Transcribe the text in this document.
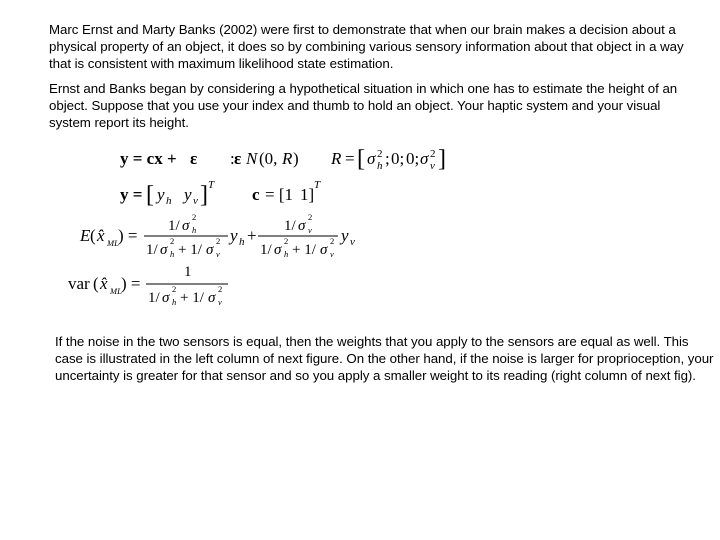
Marc Ernst and Marty Banks (2002) were first to demonstrate that when our brain makes a decision about a physical property of an object, it does so by combining various sensory information about that object in a way that is consistent with maximum likelihood state estimation.

Ernst and Banks began by considering a hypothetical situation in which one has to estimate the height of an object. Suppose that you use your index and thumb to hold an object. Your haptic system and your visual system report its height.

y = cx + ε : ε N (0, R ) R = [ σ 2
h ; 0; 0; σ 2
v ]
y = [ y h y v ] T c = [1 1] T
E ( x̂ ML ) = 1/ σ
2
h
1/ σ
2
h + 1/ σ
2
v
y h + 1/ σ
2
v
1/ σ
2
h + 1/ σ
2
v
y v
var ( x̂ ML ) =
1
1/ σ
2
h + 1/ σ
2
v

If the noise in the two sensors is equal, then the weights that you apply to the sensors are equal as well. This case is illustrated in the left column of next figure. On the other hand, if the noise is larger for proprioception, your uncertainty is greater for that sensor and so you apply a smaller weight to its reading (right column of next fig).
